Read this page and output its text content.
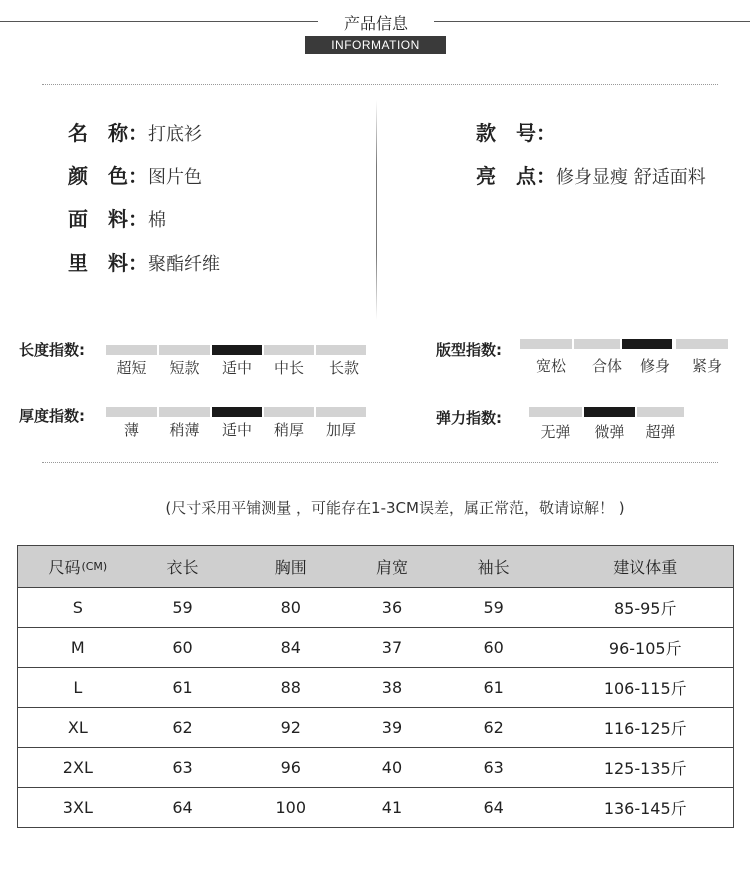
产品信息
INFORMATION
名　称：打底衫
颜　色：图片色
面　料：棉
里　料：聚酯纤维
款　号：
亮　点：修身显瘦 舒适面料
长度指数:
超短	短款	适中	中长	长款
厚度指数:
薄	稍薄	适中	稍厚	加厚
版型指数:
宽松	合体	修身	紧身
弹力指数:
无弹	微弹	超弹
(尺寸采用平铺测量 ，可能存在1-3CM误差，属正常范，敬请谅解！ )
尺码 (CM)	衣长	胸围	肩宽	袖长	建议体重
S	59	80	36	59	85-95斤
M	60	84	37	60	96-105斤
L	61	88	38	61	106-115斤
XL	62	92	39	62	116-125斤
2XL	63	96	40	63	125-135斤
3XL	64	100	41	64	136-145斤
